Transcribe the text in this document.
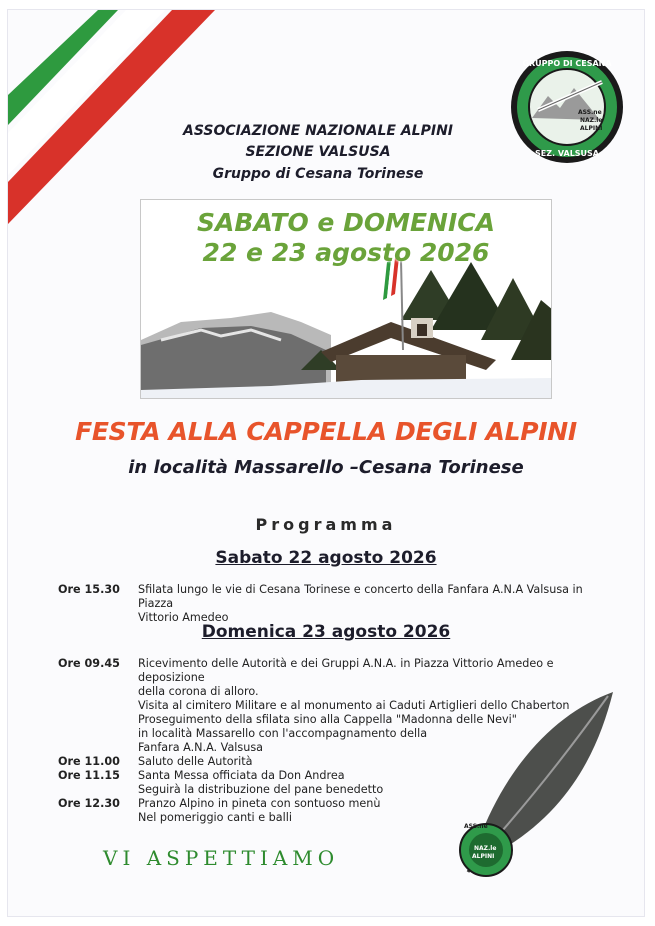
GRUPPO DI CESANA
SEZ. VALSUSA
ASS.ne
NAZ.le
ALPINI
ASSOCIAZIONE NAZIONALE ALPINI
SEZIONE VALSUSA
Gruppo di Cesana Torinese
SABATO e DOMENICA
22 e 23 agosto 2026
FESTA ALLA CAPPELLA DEGLI ALPINI
in località Massarello –Cesana Torinese
Programma
Sabato 22 agosto 2026
Ore 15.30	Sfilata lungo le vie di Cesana Torinese e concerto della Fanfara A.N.A Valsusa in Piazza
Vittorio Amedeo
Domenica 23 agosto 2026
Ore 09.45	Ricevimento delle Autorità e dei Gruppi A.N.A. in Piazza Vittorio Amedeo e deposizione
della corona di alloro.
Visita al cimitero Militare e al monumento ai Caduti Artiglieri dello Chaberton
Proseguimento della sfilata sino alla Cappella "Madonna delle Nevi"
in località Massarello con l'accompagnamento della
Fanfara A.N.A. Valsusa
Ore 11.00	Saluto delle Autorità
Ore 11.15	Santa Messa officiata da Don Andrea
Seguirà la distribuzione del pane benedetto
Ore 12.30	Pranzo Alpino in pineta con sontuoso menù
Nel pomeriggio canti e balli
ASS.ne
NAZ.le
ALPINI
VI ASPETTIAMO
